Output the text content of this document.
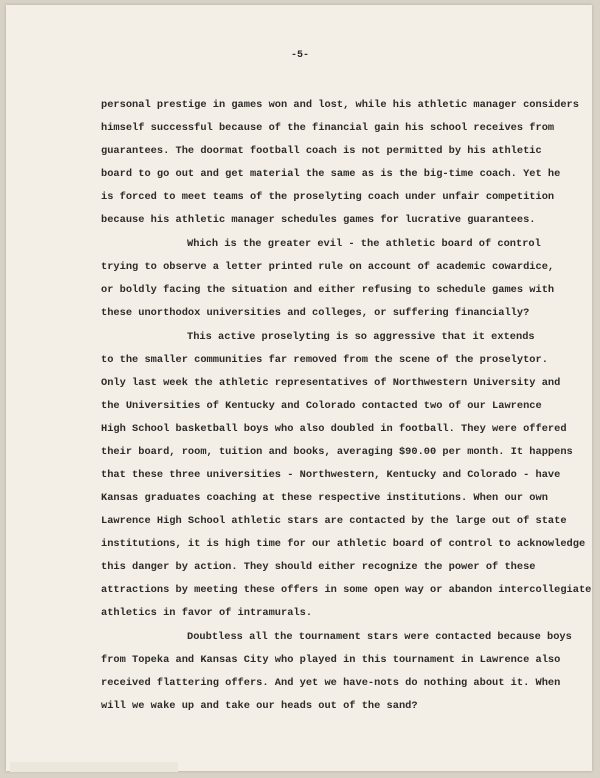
-5-
personal prestige in games won and lost, while his athletic manager considers
himself successful because of the financial gain his school receives from
guarantees. The doormat football coach is not permitted by his athletic
board to go out and get material the same as is the big-time coach. Yet he
is forced to meet teams of the proselyting coach under unfair competition
because his athletic manager schedules games for lucrative guarantees.
Which is the greater evil - the athletic board of control
trying to observe a letter printed rule on account of academic cowardice,
or boldly facing the situation and either refusing to schedule games with
these unorthodox universities and colleges, or suffering financially?
This active proselyting is so aggressive that it extends
to the smaller communities far removed from the scene of the proselytor.
Only last week the athletic representatives of Northwestern University and
the Universities of Kentucky and Colorado contacted two of our Lawrence
High School basketball boys who also doubled in football. They were offered
their board, room, tuition and books, averaging $90.00 per month. It happens
that these three universities - Northwestern, Kentucky and Colorado - have
Kansas graduates coaching at these respective institutions. When our own
Lawrence High School athletic stars are contacted by the large out of state
institutions, it is high time for our athletic board of control to acknowledge
this danger by action. They should either recognize the power of these
attractions by meeting these offers in some open way or abandon intercollegiate
athletics in favor of intramurals.
Doubtless all the tournament stars were contacted because boys
from Topeka and Kansas City who played in this tournament in Lawrence also
received flattering offers. And yet we have-nots do nothing about it. When
will we wake up and take our heads out of the sand?
